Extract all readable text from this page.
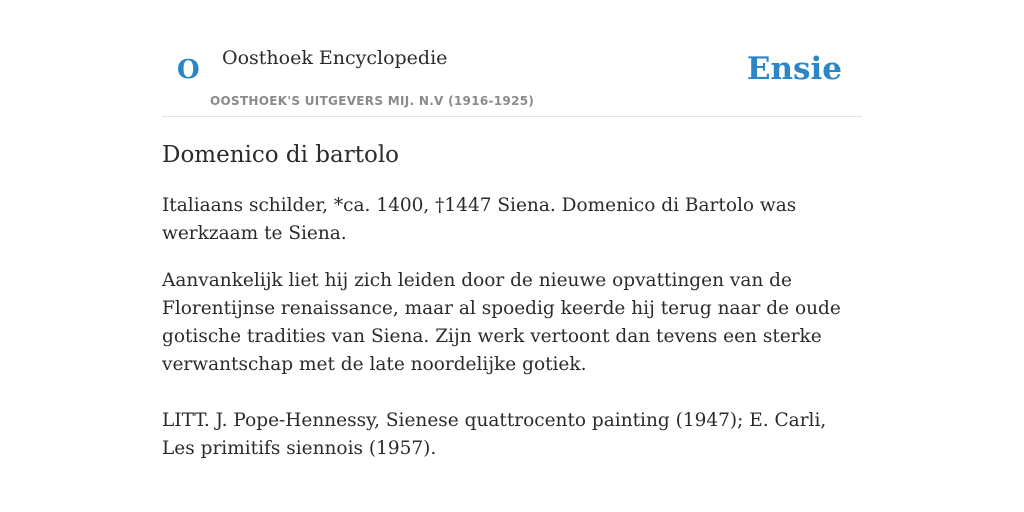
O Oosthoek Encyclopedie
OOSTHOEK'S UITGEVERS MIJ. N.V (1916-1925)
Ensie
Domenico di bartolo

Italiaans schilder, *ca. 1400, †1447 Siena. Domenico di Bartolo was werkzaam te Siena.

Aanvankelijk liet hij zich leiden door de nieuwe opvattingen van de Florentijnse renaissance, maar al spoedig keerde hij terug naar de oude gotische tradities van Siena. Zijn werk vertoont dan tevens een sterke verwantschap met de late noordelijke gotiek.

LITT. J. Pope-Hennessy, Sienese quattrocento painting (1947); E. Carli, Les primitifs siennois (1957).
